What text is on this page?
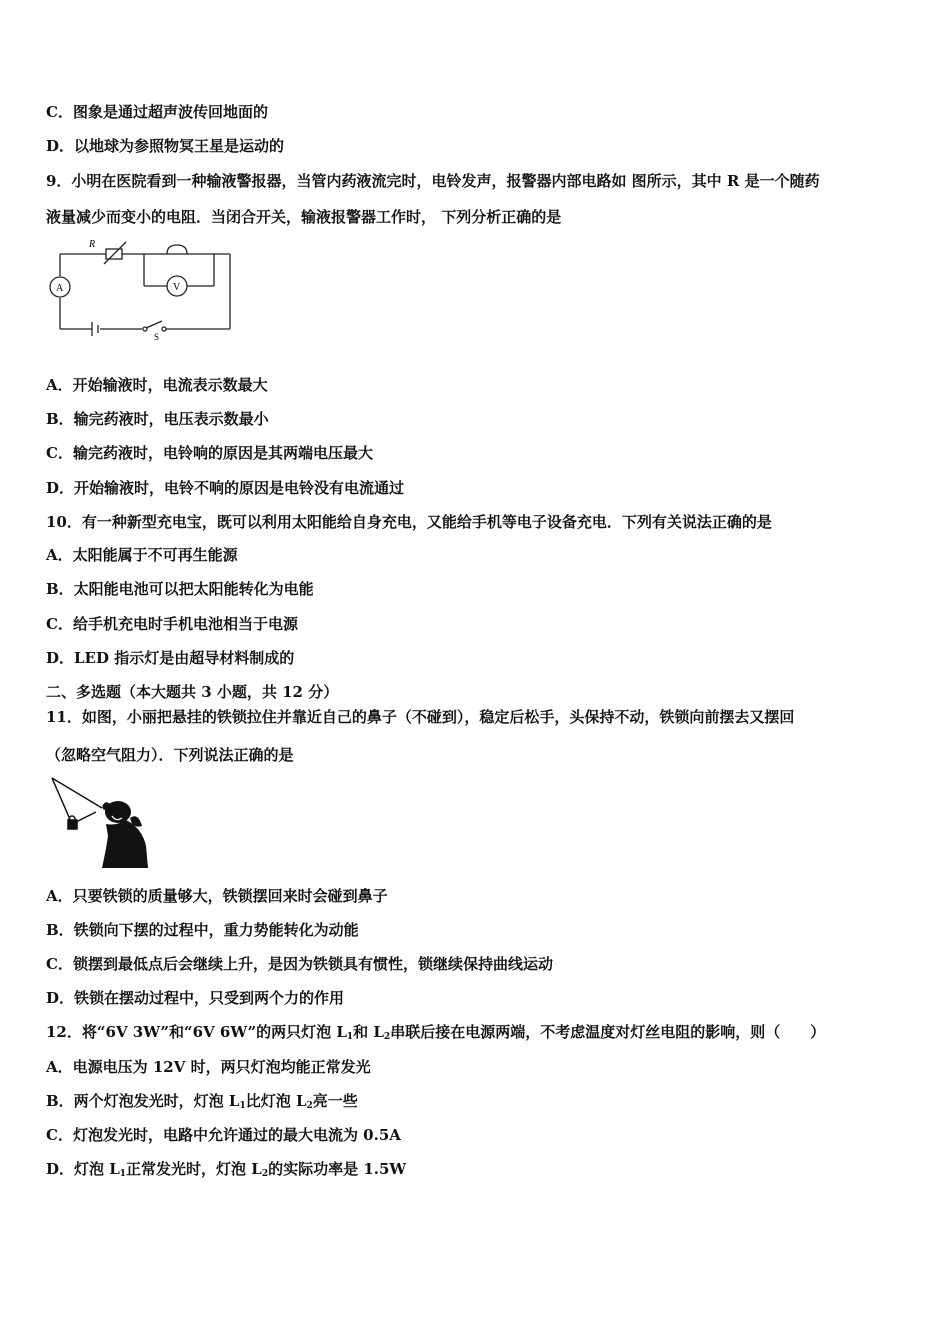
C．图象是通过超声波传回地面的
D．以地球为参照物冥王星是运动的
9．小明在医院看到一种输液警报器，当管内药液流完时，电铃发声，报警器内部电路如 图所示，其中 R 是一个随药
液量减少而变小的电阻．当闭合开关，输液报警器工作时， 下列分析正确的是
R
A	V
S
A．开始输液时，电流表示数最大
B．输完药液时，电压表示数最小
C．输完药液时，电铃响的原因是其两端电压最大
D．开始输液时，电铃不响的原因是电铃没有电流通过
10．有一种新型充电宝，既可以利用太阳能给自身充电，又能给手机等电子设备充电．下列有关说法正确的是
A．太阳能属于不可再生能源
B．太阳能电池可以把太阳能转化为电能
C．给手机充电时手机电池相当于电源
D．LED 指示灯是由超导材料制成的
二、多选题（本大题共 3 小题，共 12 分）
11．如图，小丽把悬挂的铁锁拉住并靠近自己的鼻子（不碰到），稳定后松手，头保持不动，铁锁向前摆去又摆回
（忽略空气阻力）．下列说法正确的是
A．只要铁锁的质量够大，铁锁摆回来时会碰到鼻子
B．铁锁向下摆的过程中，重力势能转化为动能
C．锁摆到最低点后会继续上升，是因为铁锁具有惯性，锁继续保持曲线运动
D．铁锁在摆动过程中，只受到两个力的作用
12．将“6V 3W”和“6V 6W”的两只灯泡 $L_1$和 $L_2$串联后接在电源两端，不考虑温度对灯丝电阻的影响，则（　　）
A．电源电压为 12V 时，两只灯泡均能正常发光
B．两个灯泡发光时，灯泡 $L_1$比灯泡 $L_2$亮一些
C．灯泡发光时，电路中允许通过的最大电流为 0.5A
D．灯泡 $L_1$正常发光时，灯泡 $L_2$的实际功率是 1.5W
